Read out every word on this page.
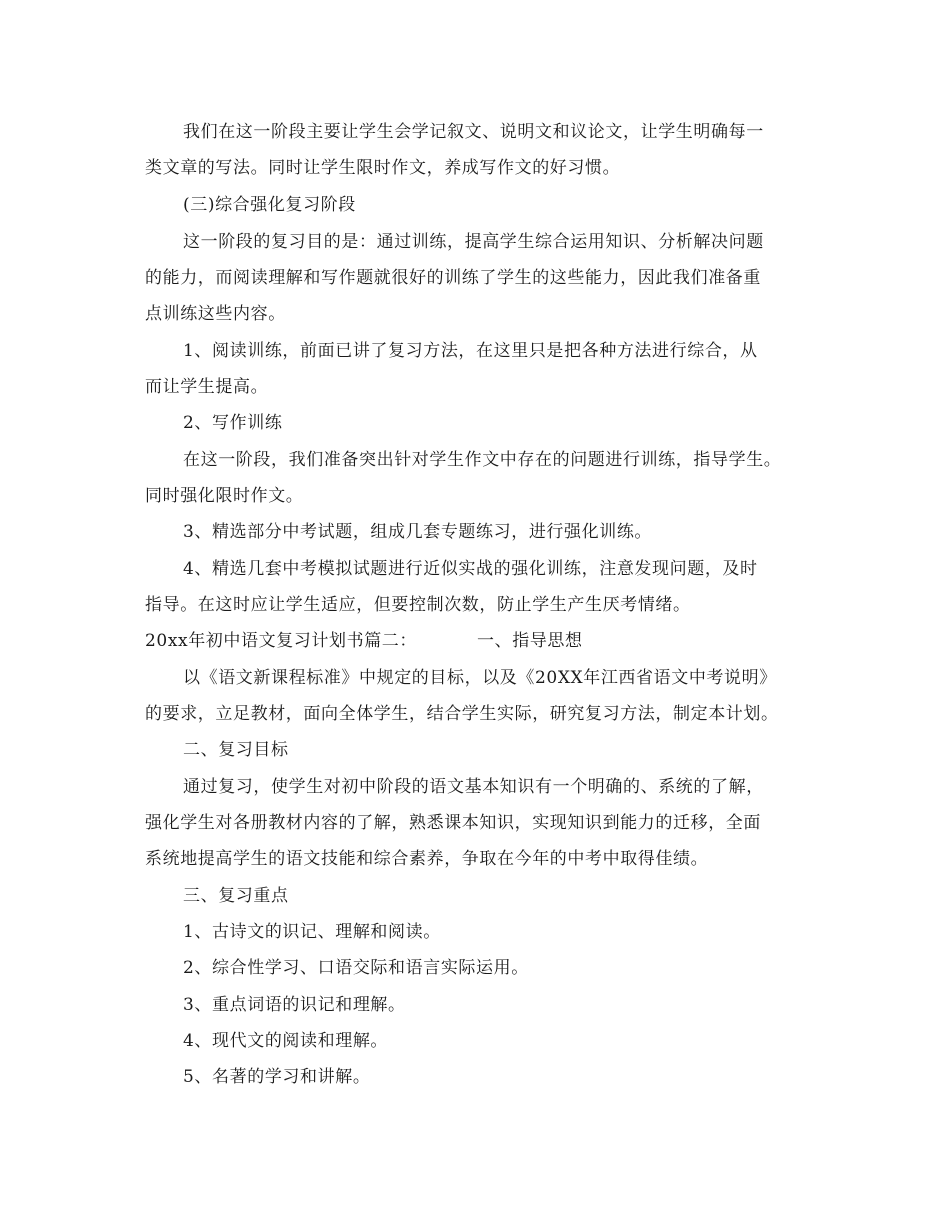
我们在这一阶段主要让学生会学记叙文、说明文和议论文，让学生明确每一
类文章的写法。同时让学生限时作文，养成写作文的好习惯。
(三)综合强化复习阶段
这一阶段的复习目的是：通过训练，提高学生综合运用知识、分析解决问题
的能力，而阅读理解和写作题就很好的训练了学生的这些能力，因此我们准备重
点训练这些内容。
1、阅读训练，前面已讲了复习方法，在这里只是把各种方法进行综合，从
而让学生提高。
2、写作训练
在这一阶段，我们准备突出针对学生作文中存在的问题进行训练，指导学生。
同时强化限时作文。
3、精选部分中考试题，组成几套专题练习，进行强化训练。
4、精选几套中考模拟试题进行近似实战的强化训练，注意发现问题，及时
指导。在这时应让学生适应，但要控制次数，防止学生产生厌考情绪。
20xx年初中语文复习计划书篇二：	一、指导思想
以《语文新课程标准》中规定的目标，以及《20XX年江西省语文中考说明》
的要求，立足教材，面向全体学生，结合学生实际，研究复习方法，制定本计划。
二、复习目标
通过复习，使学生对初中阶段的语文基本知识有一个明确的、系统的了解，
强化学生对各册教材内容的了解，熟悉课本知识，实现知识到能力的迁移，全面
系统地提高学生的语文技能和综合素养，争取在今年的中考中取得佳绩。
三、复习重点
1、古诗文的识记、理解和阅读。
2、综合性学习、口语交际和语言实际运用。
3、重点词语的识记和理解。
4、现代文的阅读和理解。
5、名著的学习和讲解。
